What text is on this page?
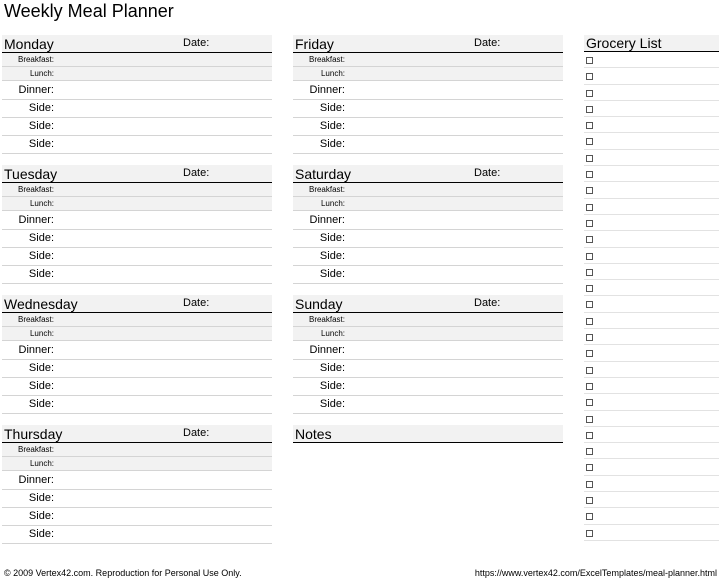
Weekly Meal Planner
Monday	Date:
Breakfast:
Lunch:
Dinner:
Side:
Side:
Side:
Friday	Date:
Breakfast:
Lunch:
Dinner:
Side:
Side:
Side:
Tuesday	Date:
Breakfast:
Lunch:
Dinner:
Side:
Side:
Side:
Saturday	Date:
Breakfast:
Lunch:
Dinner:
Side:
Side:
Side:
Wednesday	Date:
Breakfast:
Lunch:
Dinner:
Side:
Side:
Side:
Sunday	Date:
Breakfast:
Lunch:
Dinner:
Side:
Side:
Side:
Thursday	Date:
Breakfast:
Lunch:
Dinner:
Side:
Side:
Side:
Notes
Grocery List
© 2009 Vertex42.com. Reproduction for Personal Use Only.	https://www.vertex42.com/ExcelTemplates/meal-planner.html
